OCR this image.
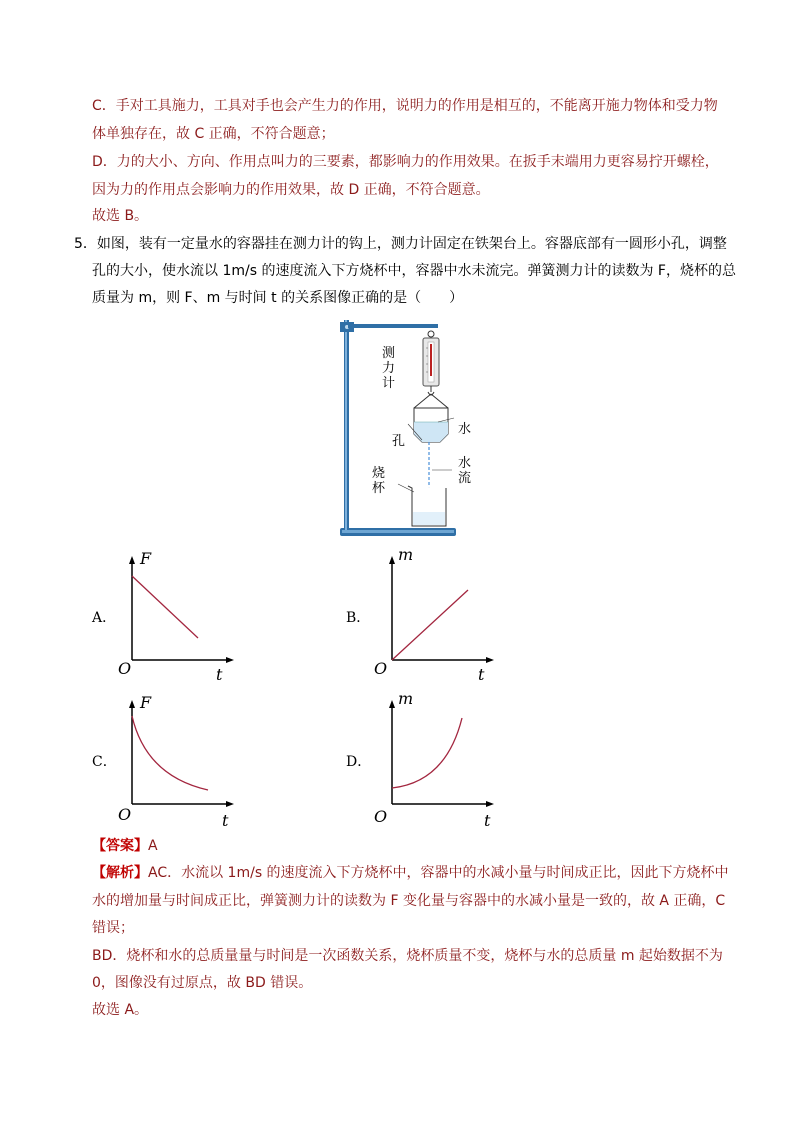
C．手对工具施力，工具对手也会产生力的作用，说明力的作用是相互的，不能离开施力物体和受力物
体单独存在，故 C 正确，不符合题意；
D．力的大小、方向、作用点叫力的三要素，都影响力的作用效果。在扳手末端用力更容易拧开螺栓，
因为力的作用点会影响力的作用效果，故 D 正确，不符合题意。
故选 B。
5．如图，装有一定量水的容器挂在测力计的钩上，测力计固定在铁架台上。容器底部有一圆形小孔，调整
孔的大小，使水流以 1m/s 的速度流入下方烧杯中，容器中水未流完。弹簧测力计的读数为 F，烧杯的总
质量为 m，则 F、m 与时间 t 的关系图像正确的是（　　）
测
力
计
孔
水
水
流
烧
杯
A．	B．
C．	D．
F
O	t
m
O	t
F
O	t
m
O	t
【答案】A
【解析】AC．水流以 1m/s 的速度流入下方烧杯中，容器中的水减小量与时间成正比，因此下方烧杯中
水的增加量与时间成正比，弹簧测力计的读数为 F 变化量与容器中的水减小量是一致的，故 A 正确，C
错误；
BD．烧杯和水的总质量量与时间是一次函数关系，烧杯质量不变，烧杯与水的总质量 m 起始数据不为
0，图像没有过原点，故 BD 错误。
故选 A。
